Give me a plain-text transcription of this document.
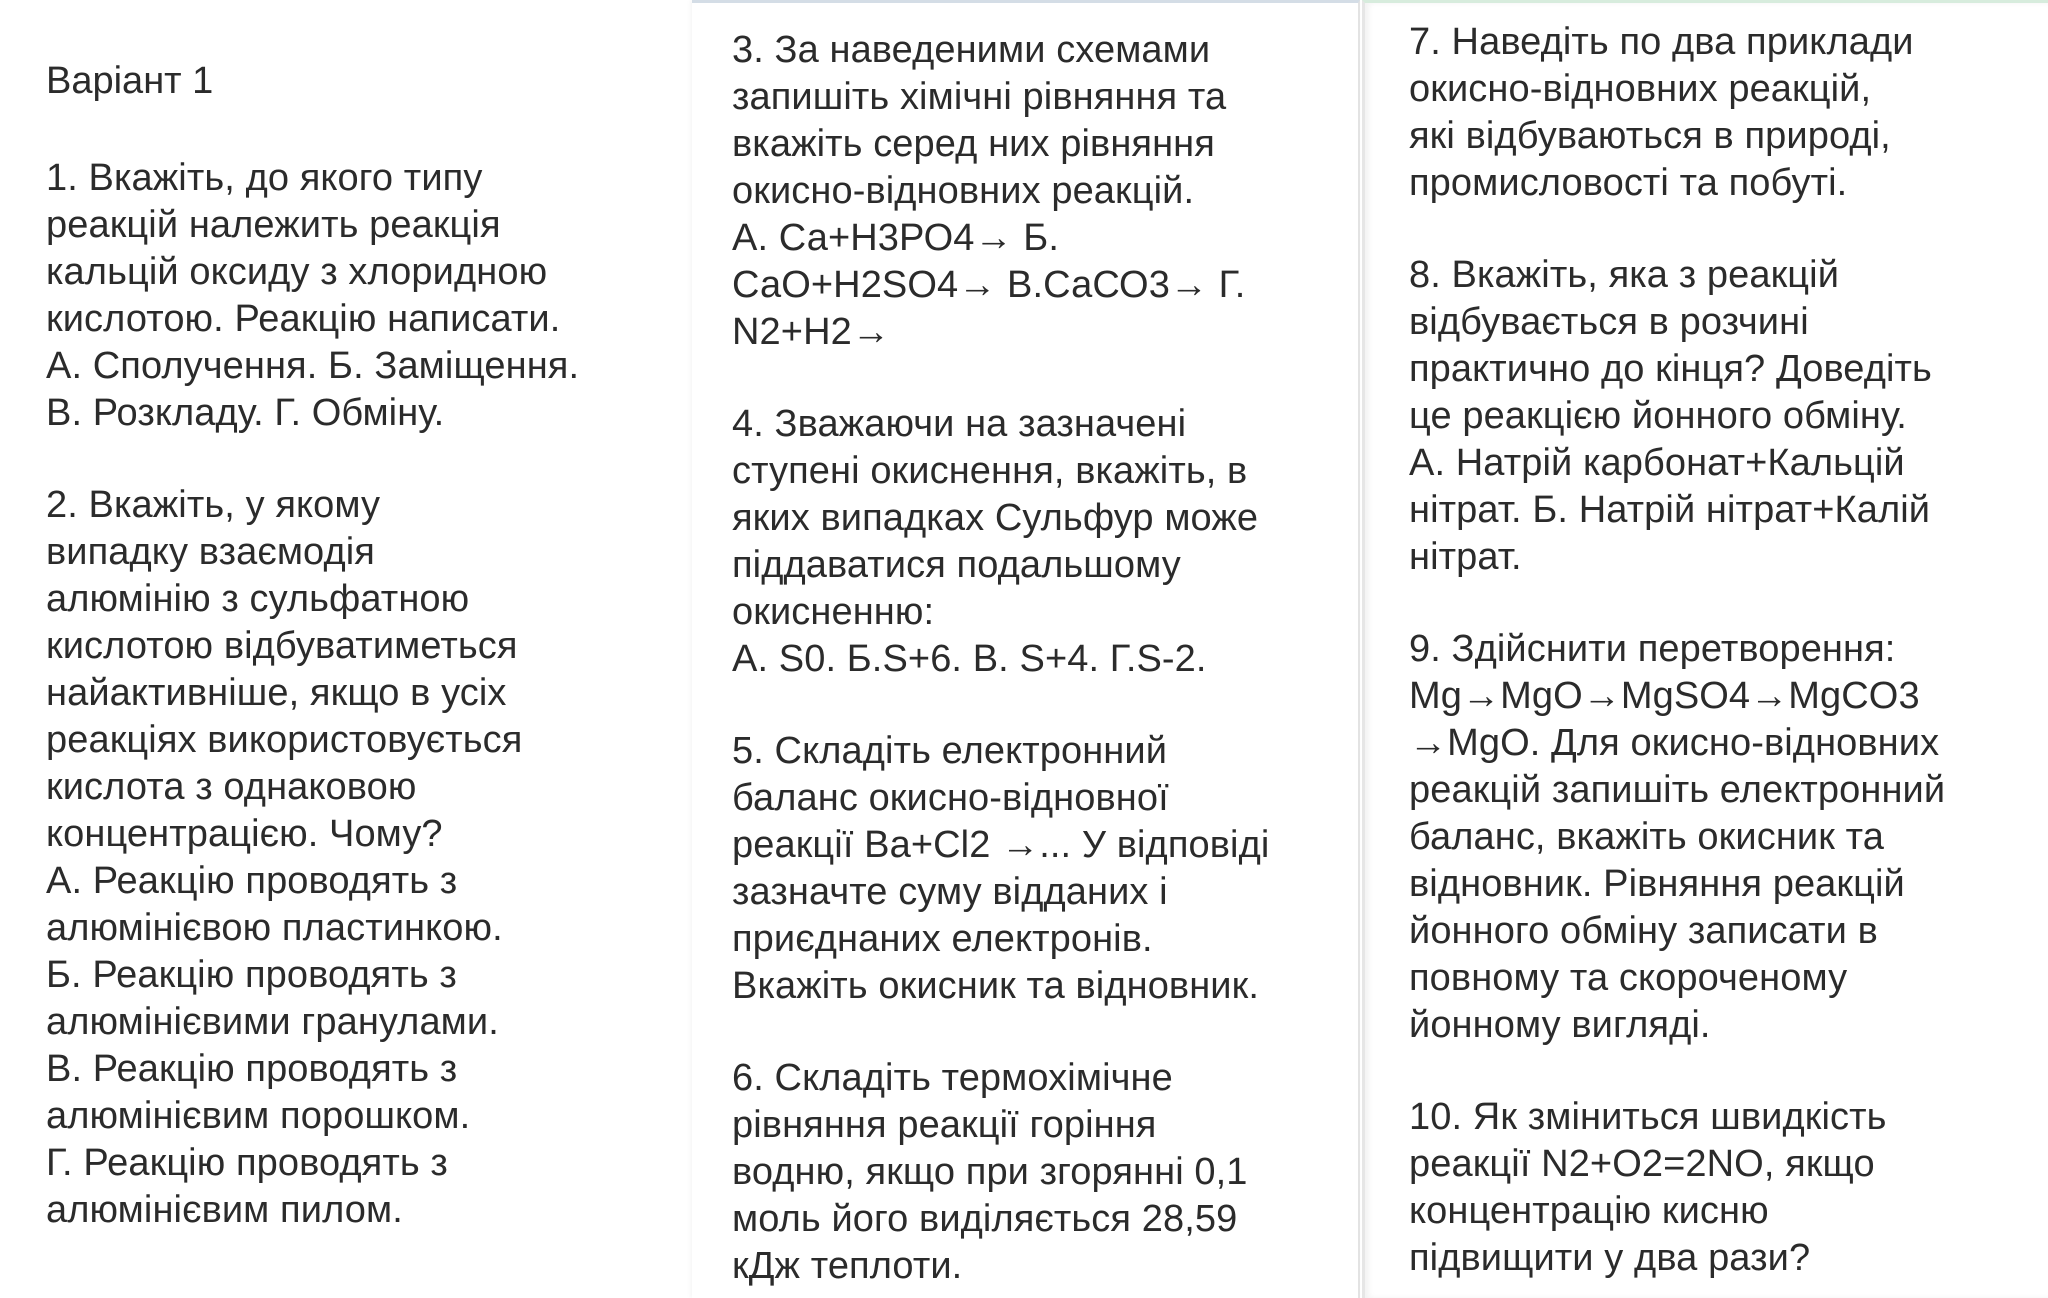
Варіант 1
1. Вкажіть, до якого типу
реакцій належить реакція
кальцій оксиду з хлоридною
кислотою. Реакцію написати.
А. Сполучення. Б. Заміщення.
В. Розкладу. Г. Обміну.
2. Вкажіть, у якому
випадку взаємодія
алюмінію з сульфатною
кислотою відбуватиметься
найактивніше, якщо в усіх
реакціях використовується
кислота з однаковою
концентрацією. Чому?
А. Реакцію проводять з
алюмінієвою пластинкою.
Б. Реакцію проводять з
алюмінієвими гранулами.
В. Реакцію проводять з
алюмінієвим порошком.
Г. Реакцію проводять з
алюмінієвим пилом.
3. За наведеними схемами
запишіть хімічні рівняння та
вкажіть серед них рівняння
окисно-відновних реакцій.
А. Са+Н3РО4→ Б.
СаО+Н2SО4→ В.СаСО3→ Г.
N2+Н2→
4. Зважаючи на зазначені
ступені окиснення, вкажіть, в
яких випадках Сульфур може
піддаватися подальшому
окисненню:
А. S0. Б.S+6. В. S+4. Г.S-2.
5. Складіть електронний
баланс окисно-відновної
реакції Ва+Сl2 →... У відповіді
зазначте суму відданих і
приєднаних електронів.
Вкажіть окисник та відновник.
6. Складіть термохімічне
рівняння реакції горіння
водню, якщо при згорянні 0,1
моль його виділяється 28,59
кДж теплоти.
7. Наведіть по два приклади
окисно-відновних реакцій,
які відбуваються в природі,
промисловості та побуті.
8. Вкажіть, яка з реакцій
відбувається в розчині
практично до кінця? Доведіть
це реакцією йонного обміну.
А. Натрій карбонат+Кальцій
нітрат. Б. Натрій нітрат+Калій
нітрат.
9. Здійснити перетворення:
Mg→MgO→MgSO4→MgCO3
→MgO. Для окисно-відновних
реакцій запишіть електронний
баланс, вкажіть окисник та
відновник. Рівняння реакцій
йонного обміну записати в
повному та скороченому
йонному вигляді.
10. Як зміниться швидкість
реакції N2+O2=2NO, якщо
концентрацію кисню
підвищити у два рази?
